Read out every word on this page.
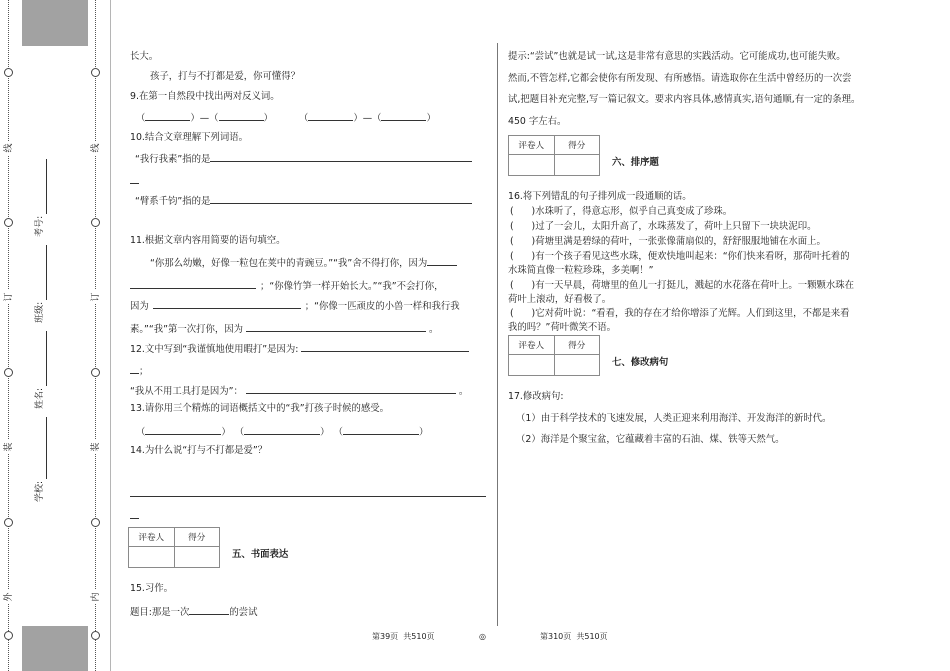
线
订
装
外
线
订
装
内
学校:
姓名:
班级:
考号:
长大。
孩子，打与不打都是爱，你可懂得？
9.在第一自然段中找出两对反义词。
（	）—（	）	（	）—（	）
10.结合文章理解下列词语。
“我行我素”指的是
“臂系千钧”指的是
11.根据文章内容用简要的语句填空。
“你那么幼嫩，好像一粒包在荚中的青豌豆。”“我”舍不得打你，因为
；“你像竹笋一样开始长大。”“我”不会打你，
因为	；“你像一匹顽皮的小兽一样和我行我
素。”“我”第一次打你，因为	。
12.文中写到“我谨慎地使用暇打”是因为:
；
“我从不用工具打是因为”：	。
13.请你用三个精炼的词语概括文中的“我”打孩子时候的感受。
（	） （	） （	）
14.为什么说“打与不打都是爱”？
评卷人	得分

五、书面表达
15.习作。
题目:那是一次	的尝试
提示:“尝试”也就是试一试,这是非常有意思的实践活动。它可能成功,也可能失败。
然而,不管怎样,它都会使你有所发现、有所感悟。请选取你在生活中曾经历的一次尝
试,把题目补充完整,写一篇记叙文。要求内容具体,感情真实,语句通顺,有一定的条理。
450 字左右。
评卷人	得分

六、排序题
16.将下列错乱的句子排列成一段通顺的话。
(      )水珠听了，得意忘形，似乎自己真变成了珍珠。
(      )过了一会儿，太阳升高了，水珠蒸发了，荷叶上只留下一块块泥印。
(      )荷塘里满是碧绿的荷叶，一张张像蒲扇似的，舒舒服服地铺在水面上。
(      )有一个孩子看见这些水珠，便欢快地叫起来：“你们快来看呀，那荷叶托着的
水珠简直像一粒粒珍珠，多美啊！”
(      )有一天早晨，荷塘里的鱼儿一打挺儿，溅起的水花落在荷叶上。一颗颗水珠在
荷叶上滚动，好看极了。
(      )它对荷叶说：“看看，我的存在才给你增添了光辉。人们到这里，不都是来看
我的吗？”荷叶微笑不语。
评卷人	得分

七、修改病句
17.修改病句:
（1）由于科学技术的飞速发展，人类正迎来利用海洋、开发海洋的新时代。
（2）海洋是个聚宝盆，它蕴藏着丰富的石油、煤、铁等天然气。
第39页  共510页	◎	第310页  共510页
